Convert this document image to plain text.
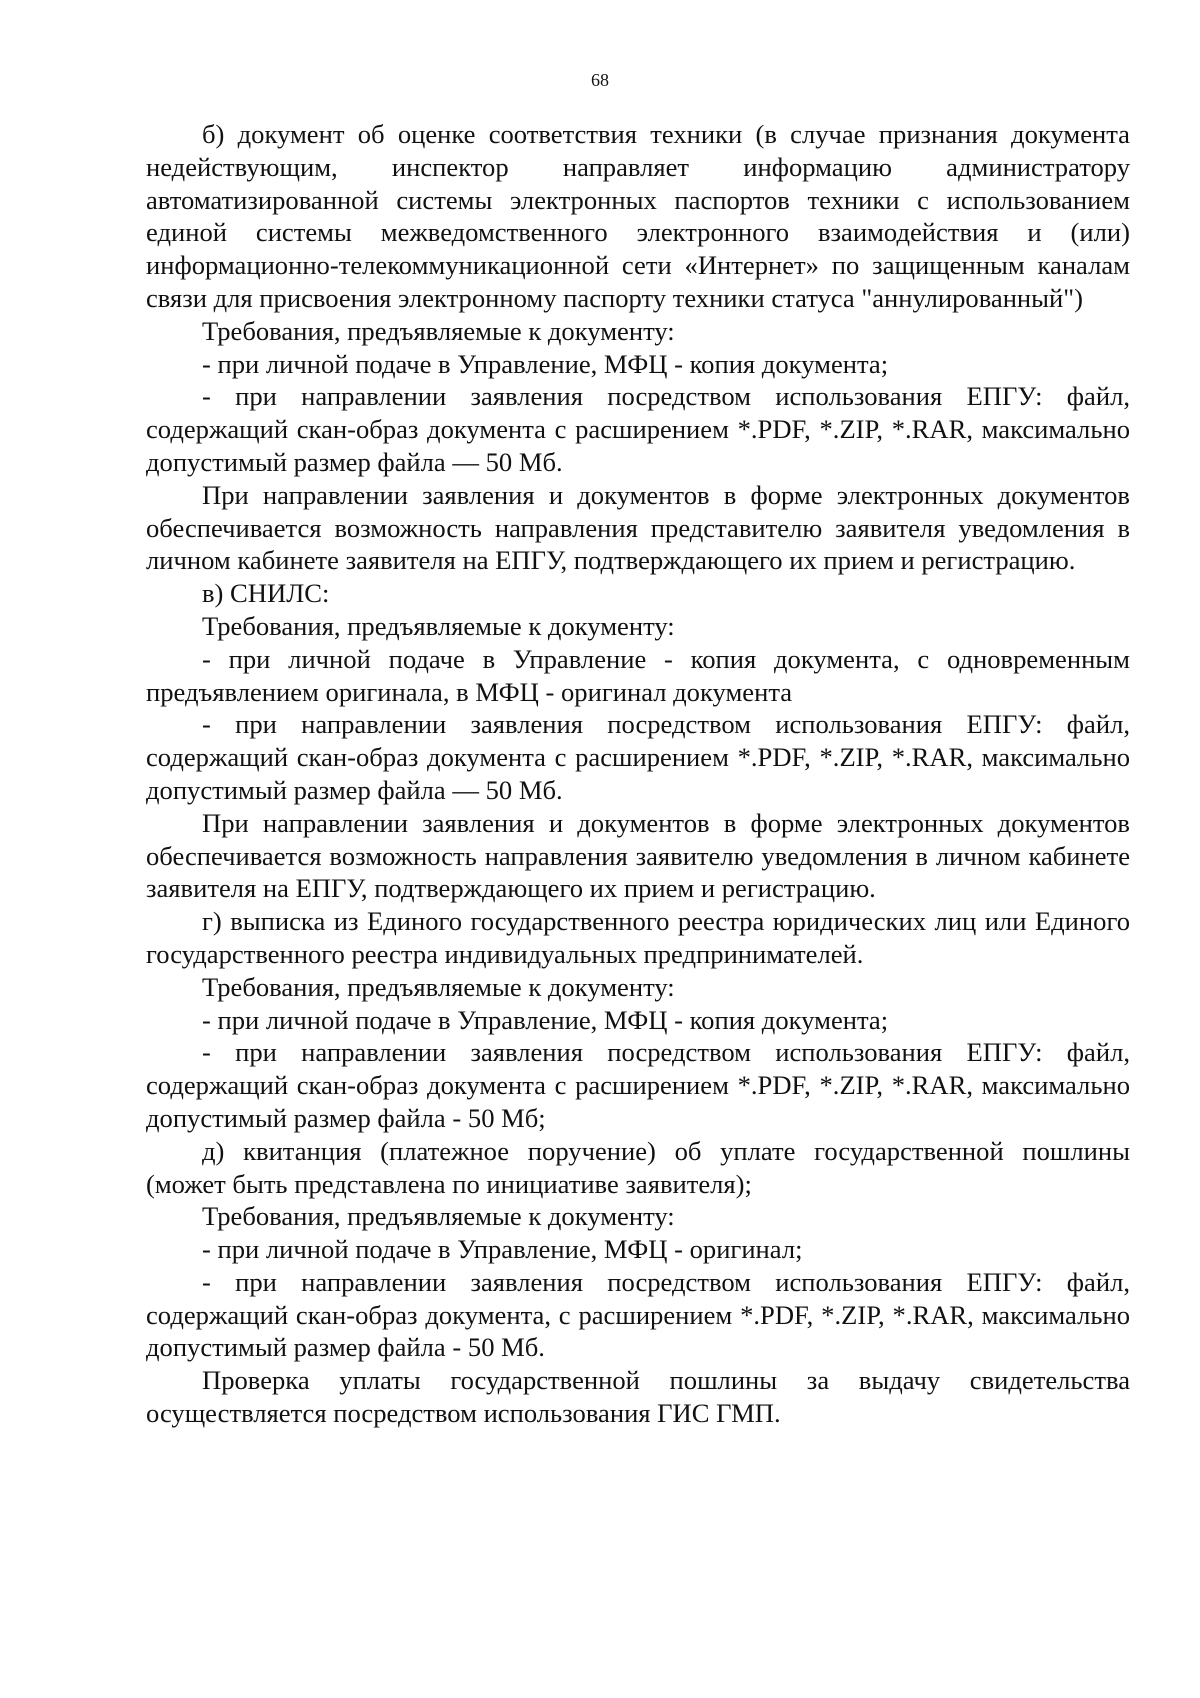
68

б) документ об оценке соответствия техники (в случае признания документа недействующим, инспектор направляет информацию администратору автоматизированной системы электронных паспортов техники с использованием единой системы межведомственного электронного взаимодействия и (или) информационно-телекоммуникационной сети «Интернет» по защищенным каналам связи для присвоения электронному паспорту техники статуса "аннулированный")

Требования, предъявляемые к документу:

- при личной подаче в Управление, МФЦ - копия документа;

- при направлении заявления посредством использования ЕПГУ: файл, содержащий скан-образ документа с расширением *.PDF, *.ZIP, *.RAR, максимально допустимый размер файла — 50 Мб.

При направлении заявления и документов в форме электронных документов обеспечивается возможность направления представителю заявителя уведомления в личном кабинете заявителя на ЕПГУ, подтверждающего их прием и регистрацию.

в) СНИЛС:

Требования, предъявляемые к документу:

- при личной подаче в Управление - копия документа, с одновременным предъявлением оригинала, в МФЦ - оригинал документа

- при направлении заявления посредством использования ЕПГУ: файл, содержащий скан-образ документа с расширением *.PDF, *.ZIP, *.RAR, максимально допустимый размер файла — 50 Мб.

При направлении заявления и документов в форме электронных документов обеспечивается возможность направления заявителю уведомления в личном кабинете заявителя на ЕПГУ, подтверждающего их прием и регистрацию.

г) выписка из Единого государственного реестра юридических лиц или Единого государственного реестра индивидуальных предпринимателей.

Требования, предъявляемые к документу:

- при личной подаче в Управление, МФЦ - копия документа;

- при направлении заявления посредством использования ЕПГУ: файл, содержащий скан-образ документа с расширением *.PDF, *.ZIP, *.RAR, максимально допустимый размер файла - 50 Мб;

д) квитанция (платежное поручение) об уплате государственной пошлины (может быть представлена по инициативе заявителя);

Требования, предъявляемые к документу:

- при личной подаче в Управление, МФЦ - оригинал;

- при направлении заявления посредством использования ЕПГУ: файл, содержащий скан-образ документа, с расширением *.PDF, *.ZIP, *.RAR, максимально допустимый размер файла - 50 Мб.

Проверка уплаты государственной пошлины за выдачу свидетельства осуществляется посредством использования ГИС ГМП.
